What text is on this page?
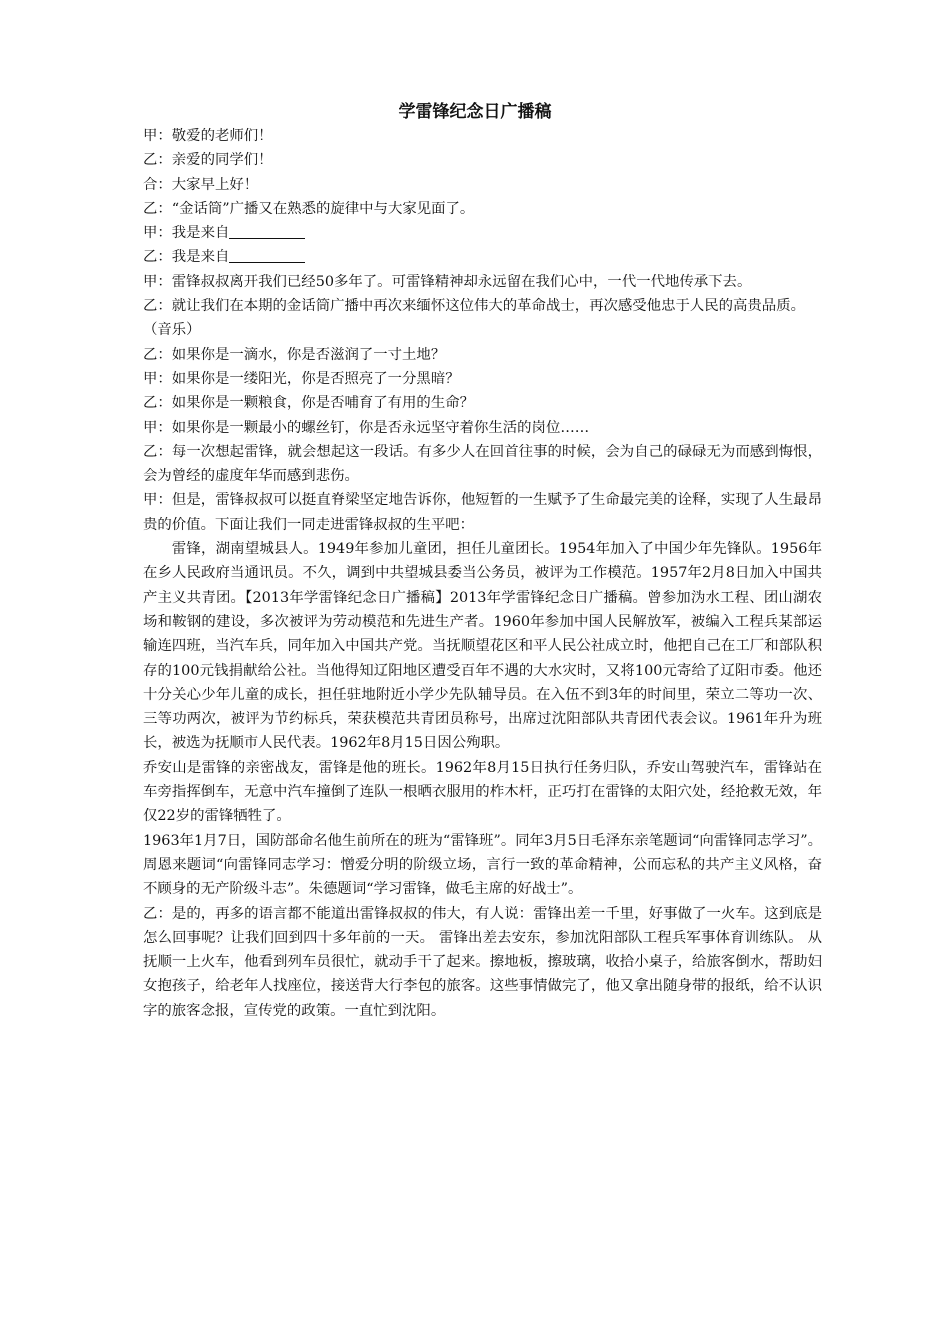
学雷锋纪念日广播稿

甲：敬爱的老师们！

乙：亲爱的同学们！

合：大家早上好！

乙：“金话筒”广播又在熟悉的旋律中与大家见面了。

甲：我是来自

乙：我是来自

甲：雷锋叔叔离开我们已经50多年了。可雷锋精神却永远留在我们心中，一代一代地传承下去。

乙：就让我们在本期的金话筒广播中再次来缅怀这位伟大的革命战士，再次感受他忠于人民的高贵品质。

（音乐）

乙：如果你是一滴水，你是否滋润了一寸土地？

甲：如果你是一缕阳光，你是否照亮了一分黑暗？

乙：如果你是一颗粮食，你是否哺育了有用的生命？

甲：如果你是一颗最小的螺丝钉，你是否永远坚守着你生活的岗位……

乙：每一次想起雷锋，就会想起这一段话。有多少人在回首往事的时候，会为自己的碌碌无为而感到悔恨，会为曾经的虚度年华而感到悲伤。

甲：但是，雷锋叔叔可以挺直脊梁坚定地告诉你，他短暂的一生赋予了生命最完美的诠释，实现了人生最昂贵的价值。下面让我们一同走进雷锋叔叔的生平吧：

雷锋，湖南望城县人。1949年参加儿童团，担任儿童团长。1954年加入了中国少年先锋队。1956年在乡人民政府当通讯员。不久，调到中共望城县委当公务员，被评为工作模范。1957年2月8日加入中国共产主义共青团。【2013年学雷锋纪念日广播稿】2013年学雷锋纪念日广播稿。曾参加沩水工程、团山湖农场和鞍钢的建设，多次被评为劳动模范和先进生产者。1960年参加中国人民解放军，被编入工程兵某部运输连四班，当汽车兵，同年加入中国共产党。当抚顺望花区和平人民公社成立时，他把自己在工厂和部队积存的100元钱捐献给公社。当他得知辽阳地区遭受百年不遇的大水灾时，又将100元寄给了辽阳市委。他还十分关心少年儿童的成长，担任驻地附近小学少先队辅导员。在入伍不到3年的时间里，荣立二等功一次、三等功两次，被评为节约标兵，荣获模范共青团员称号，出席过沈阳部队共青团代表会议。1961年升为班长，被选为抚顺市人民代表。1962年8月15日因公殉职。

乔安山是雷锋的亲密战友，雷锋是他的班长。1962年8月15日执行任务归队，乔安山驾驶汽车，雷锋站在车旁指挥倒车，无意中汽车撞倒了连队一根晒衣服用的柞木杆，正巧打在雷锋的太阳穴处，经抢救无效，年仅22岁的雷锋牺牲了。

1963年1月7日，国防部命名他生前所在的班为“雷锋班”。同年3月5日毛泽东亲笔题词“向雷锋同志学习”。周恩来题词“向雷锋同志学习：憎爱分明的阶级立场，言行一致的革命精神，公而忘私的共产主义风格，奋不顾身的无产阶级斗志”。朱德题词“学习雷锋，做毛主席的好战士”。

乙：是的，再多的语言都不能道出雷锋叔叔的伟大，有人说：雷锋出差一千里，好事做了一火车。这到底是怎么回事呢？让我们回到四十多年前的一天。 雷锋出差去安东，参加沈阳部队工程兵军事体育训练队。 从抚顺一上火车，他看到列车员很忙，就动手干了起来。擦地板，擦玻璃，收拾小桌子，给旅客倒水，帮助妇女抱孩子，给老年人找座位，接送背大行李包的旅客。这些事情做完了，他又拿出随身带的报纸，给不认识字的旅客念报，宣传党的政策。一直忙到沈阳。
